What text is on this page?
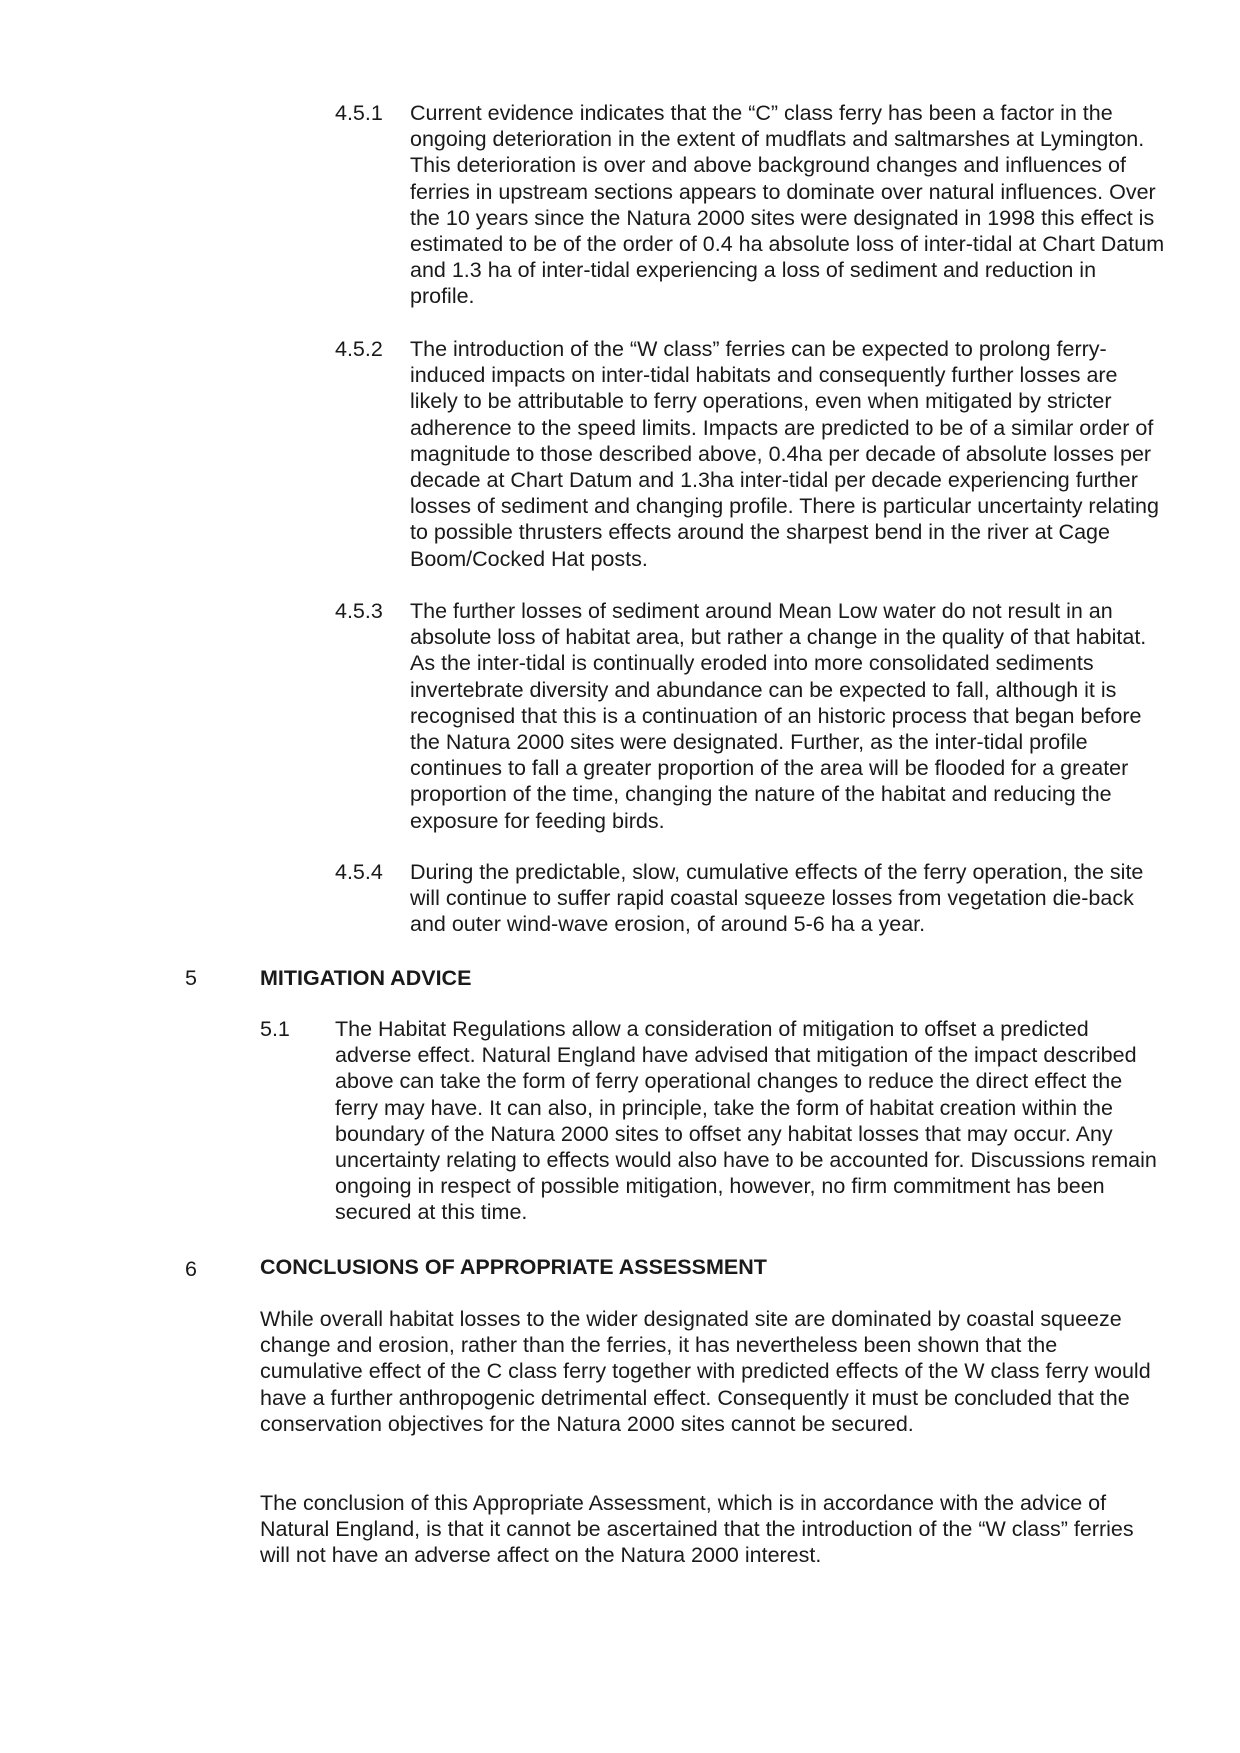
4.5.1 Current evidence indicates that the “C” class ferry has been a factor in the ongoing deterioration in the extent of mudflats and saltmarshes at Lymington. This deterioration is over and above background changes and influences of ferries in upstream sections appears to dominate over natural influences. Over the 10 years since the Natura 2000 sites were designated in 1998 this effect is estimated to be of the order of 0.4 ha absolute loss of inter-tidal at Chart Datum and 1.3 ha of inter-tidal experiencing a loss of sediment and reduction in profile.
4.5.2 The introduction of the “W class” ferries can be expected to prolong ferry-induced impacts on inter-tidal habitats and consequently further losses are likely to be attributable to ferry operations, even when mitigated by stricter adherence to the speed limits. Impacts are predicted to be of a similar order of magnitude to those described above, 0.4ha per decade of absolute losses per decade at Chart Datum and 1.3ha inter-tidal per decade experiencing further losses of sediment and changing profile. There is particular uncertainty relating to possible thrusters effects around the sharpest bend in the river at Cage Boom/Cocked Hat posts.
4.5.3 The further losses of sediment around Mean Low water do not result in an absolute loss of habitat area, but rather a change in the quality of that habitat. As the inter-tidal is continually eroded into more consolidated sediments invertebrate diversity and abundance can be expected to fall, although it is recognised that this is a continuation of an historic process that began before the Natura 2000 sites were designated. Further, as the inter-tidal profile continues to fall a greater proportion of the area will be flooded for a greater proportion of the time, changing the nature of the habitat and reducing the exposure for feeding birds.
4.5.4 During the predictable, slow, cumulative effects of the ferry operation, the site will continue to suffer rapid coastal squeeze losses from vegetation die-back and outer wind-wave erosion, of around 5-6 ha a year.
5	MITIGATION ADVICE
5.1 The Habitat Regulations allow a consideration of mitigation to offset a predicted adverse effect. Natural England have advised that mitigation of the impact described above can take the form of ferry operational changes to reduce the direct effect the ferry may have. It can also, in principle, take the form of habitat creation within the boundary of the Natura 2000 sites to offset any habitat losses that may occur. Any uncertainty relating to effects would also have to be accounted for. Discussions remain ongoing in respect of possible mitigation, however, no firm commitment has been secured at this time.
6	CONCLUSIONS OF APPROPRIATE ASSESSMENT

While overall habitat losses to the wider designated site are dominated by coastal squeeze change and erosion, rather than the ferries, it has nevertheless been shown that the cumulative effect of the C class ferry together with predicted effects of the W class ferry would have a further anthropogenic detrimental effect. Consequently it must be concluded that the conservation objectives for the Natura 2000 sites cannot be secured.

The conclusion of this Appropriate Assessment, which is in accordance with the advice of Natural England, is that it cannot be ascertained that the introduction of the “W class” ferries will not have an adverse affect on the Natura 2000 interest.
